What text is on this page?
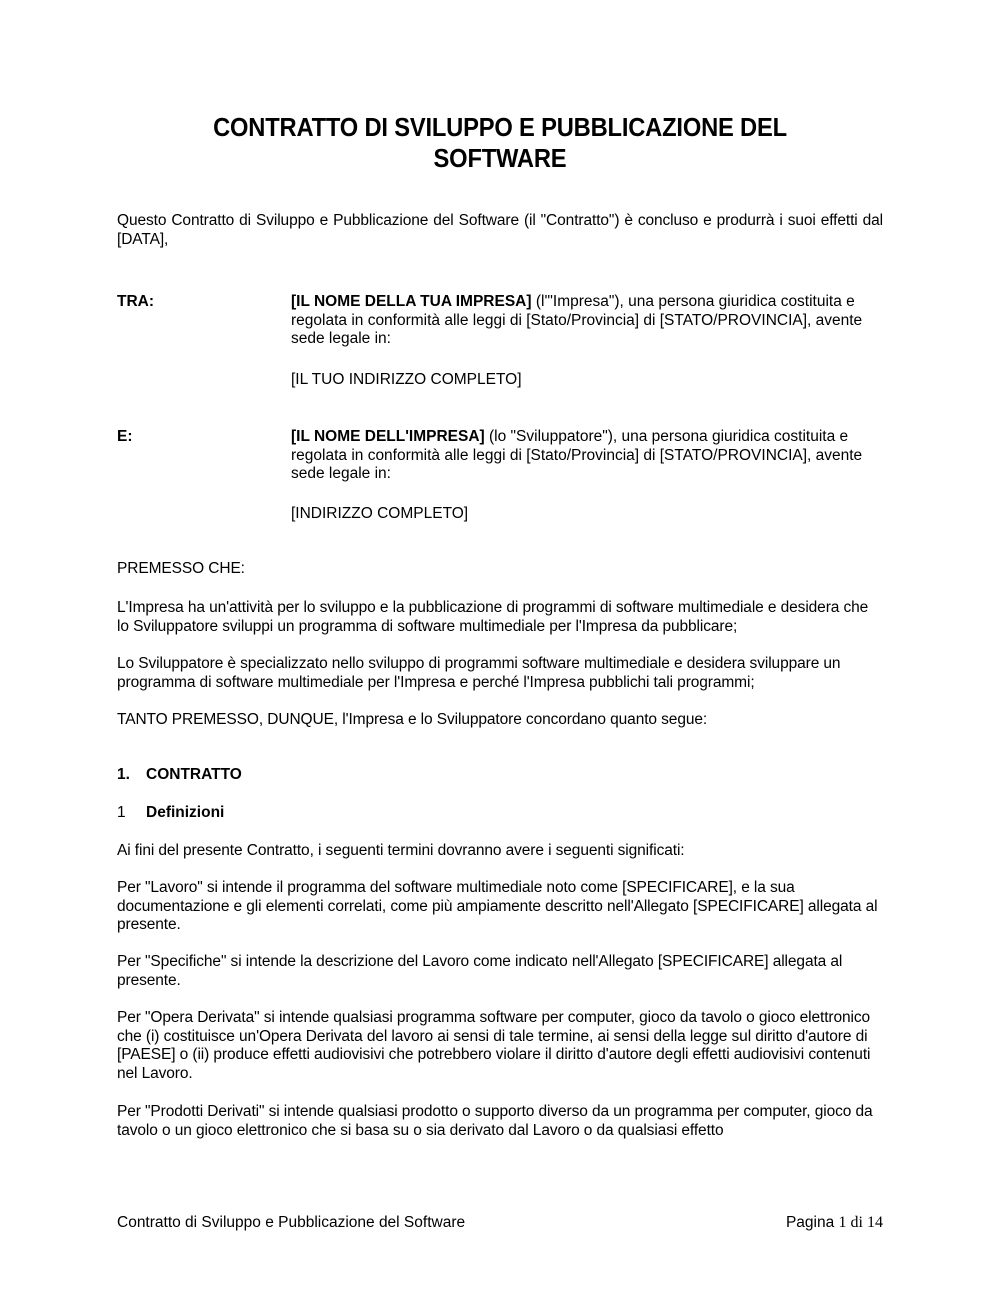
CONTRATTO DI SVILUPPO E PUBBLICAZIONE DEL
SOFTWARE
Questo Contratto di Sviluppo e Pubblicazione del Software (il "Contratto") è concluso e produrrà i suoi effetti dal [DATA],
TRA:	[IL NOME DELLA TUA IMPRESA] (l'"Impresa"), una persona giuridica costituita e regolata in conformità alle leggi di [Stato/Provincia] di [STATO/PROVINCIA], avente sede legale in:
[IL TUO INDIRIZZO COMPLETO]
E:	[IL NOME DELL'IMPRESA] (lo "Sviluppatore"), una persona giuridica costituita e regolata in conformità alle leggi di [Stato/Provincia] di [STATO/PROVINCIA], avente sede legale in:
[INDIRIZZO COMPLETO]
PREMESSO CHE:
L'Impresa ha un'attività per lo sviluppo e la pubblicazione di programmi di software multimediale e desidera che lo Sviluppatore sviluppi un programma di software multimediale per l'Impresa da pubblicare;
Lo Sviluppatore è specializzato nello sviluppo di programmi software multimediale e desidera sviluppare un programma di software multimediale per l'Impresa e perché l'Impresa pubblichi tali programmi;
TANTO PREMESSO, DUNQUE, l'Impresa e lo Sviluppatore concordano quanto segue:
1. CONTRATTO
1 Definizioni
Ai fini del presente Contratto, i seguenti termini dovranno avere i seguenti significati:
Per "Lavoro" si intende il programma del software multimediale noto come [SPECIFICARE], e la sua documentazione e gli elementi correlati, come più ampiamente descritto nell'Allegato [SPECIFICARE] allegata al presente.
Per "Specifiche" si intende la descrizione del Lavoro come indicato nell'Allegato [SPECIFICARE] allegata al presente.
Per "Opera Derivata" si intende qualsiasi programma software per computer, gioco da tavolo o gioco elettronico che (i) costituisce un'Opera Derivata del lavoro ai sensi di tale termine, ai sensi della legge sul diritto d'autore di [PAESE] o (ii) produce effetti audiovisivi che potrebbero violare il diritto d'autore degli effetti audiovisivi contenuti nel Lavoro.
Per "Prodotti Derivati" si intende qualsiasi prodotto o supporto diverso da un programma per computer, gioco da tavolo o un gioco elettronico che si basa su o sia derivato dal Lavoro o da qualsiasi effetto
Contratto di Sviluppo e Pubblicazione del Software	Pagina 1 di 14
